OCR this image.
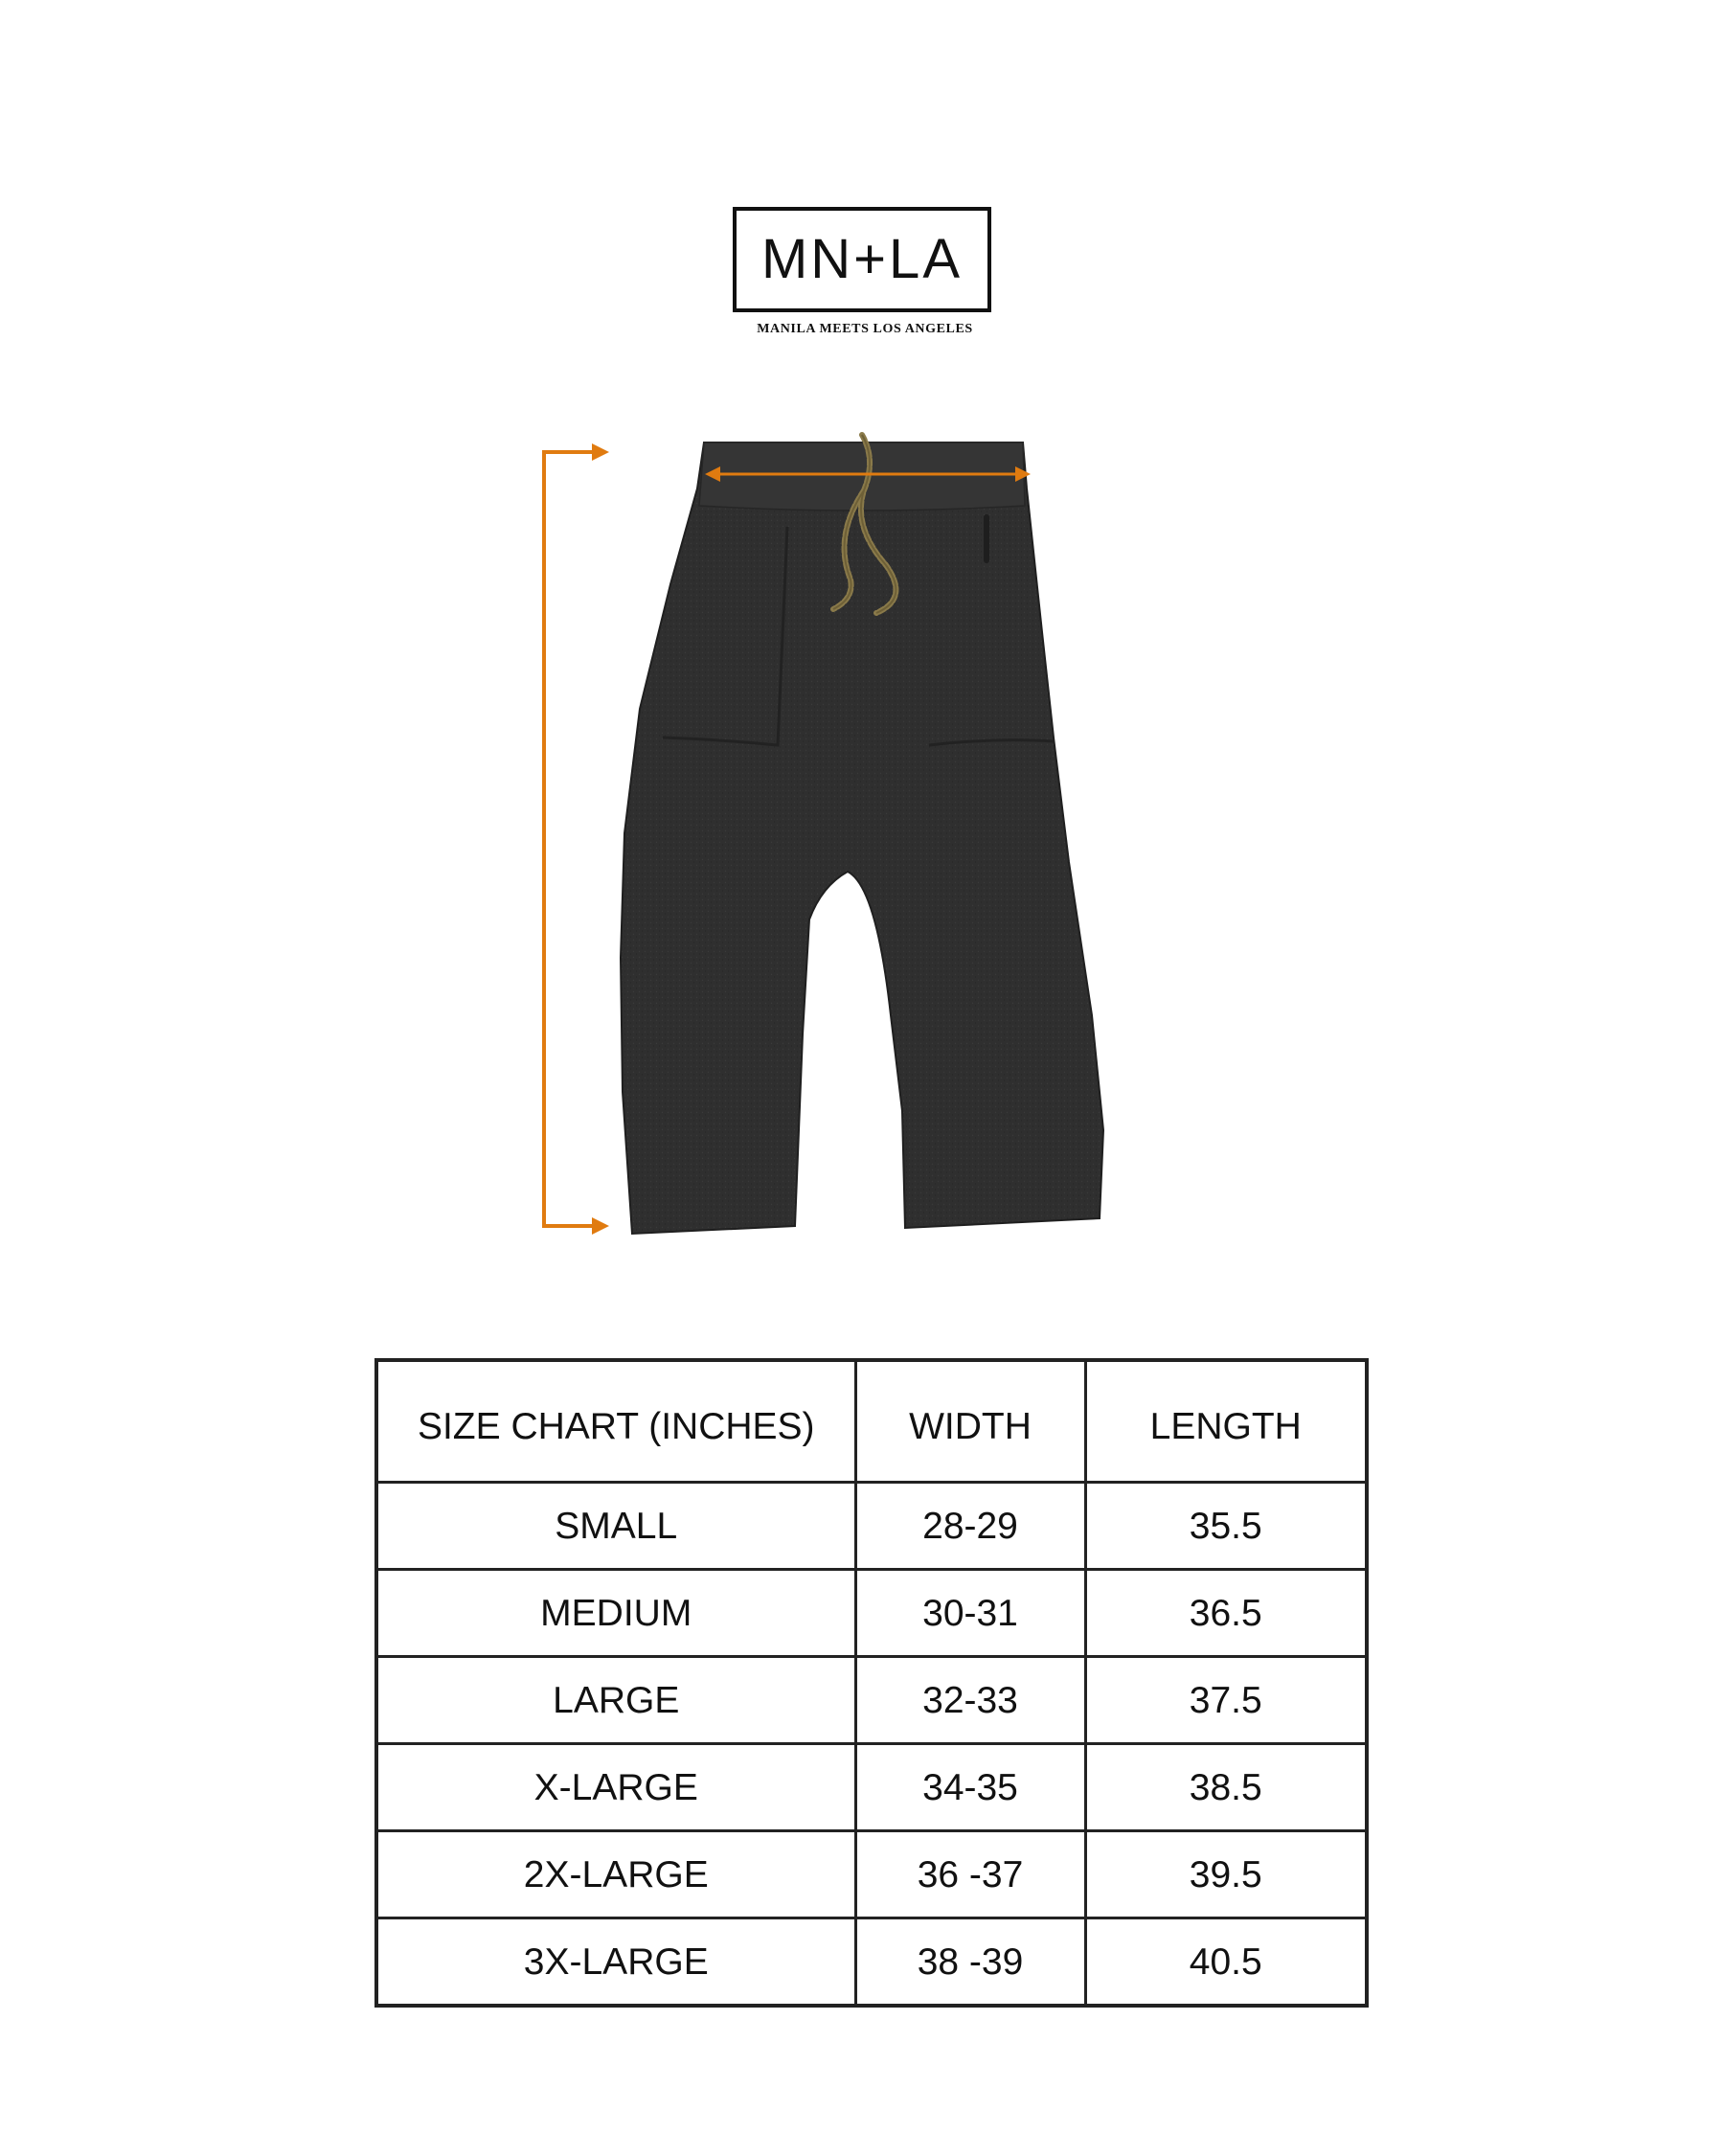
MN+LA
MANILA MEETS LOS ANGELES
SIZE CHART (INCHES)	WIDTH	LENGTH
SMALL	28-29	35.5
MEDIUM	30-31	36.5
LARGE	32-33	37.5
X-LARGE	34-35	38.5
2X-LARGE	36 -37	39.5
3X-LARGE	38 -39	40.5
